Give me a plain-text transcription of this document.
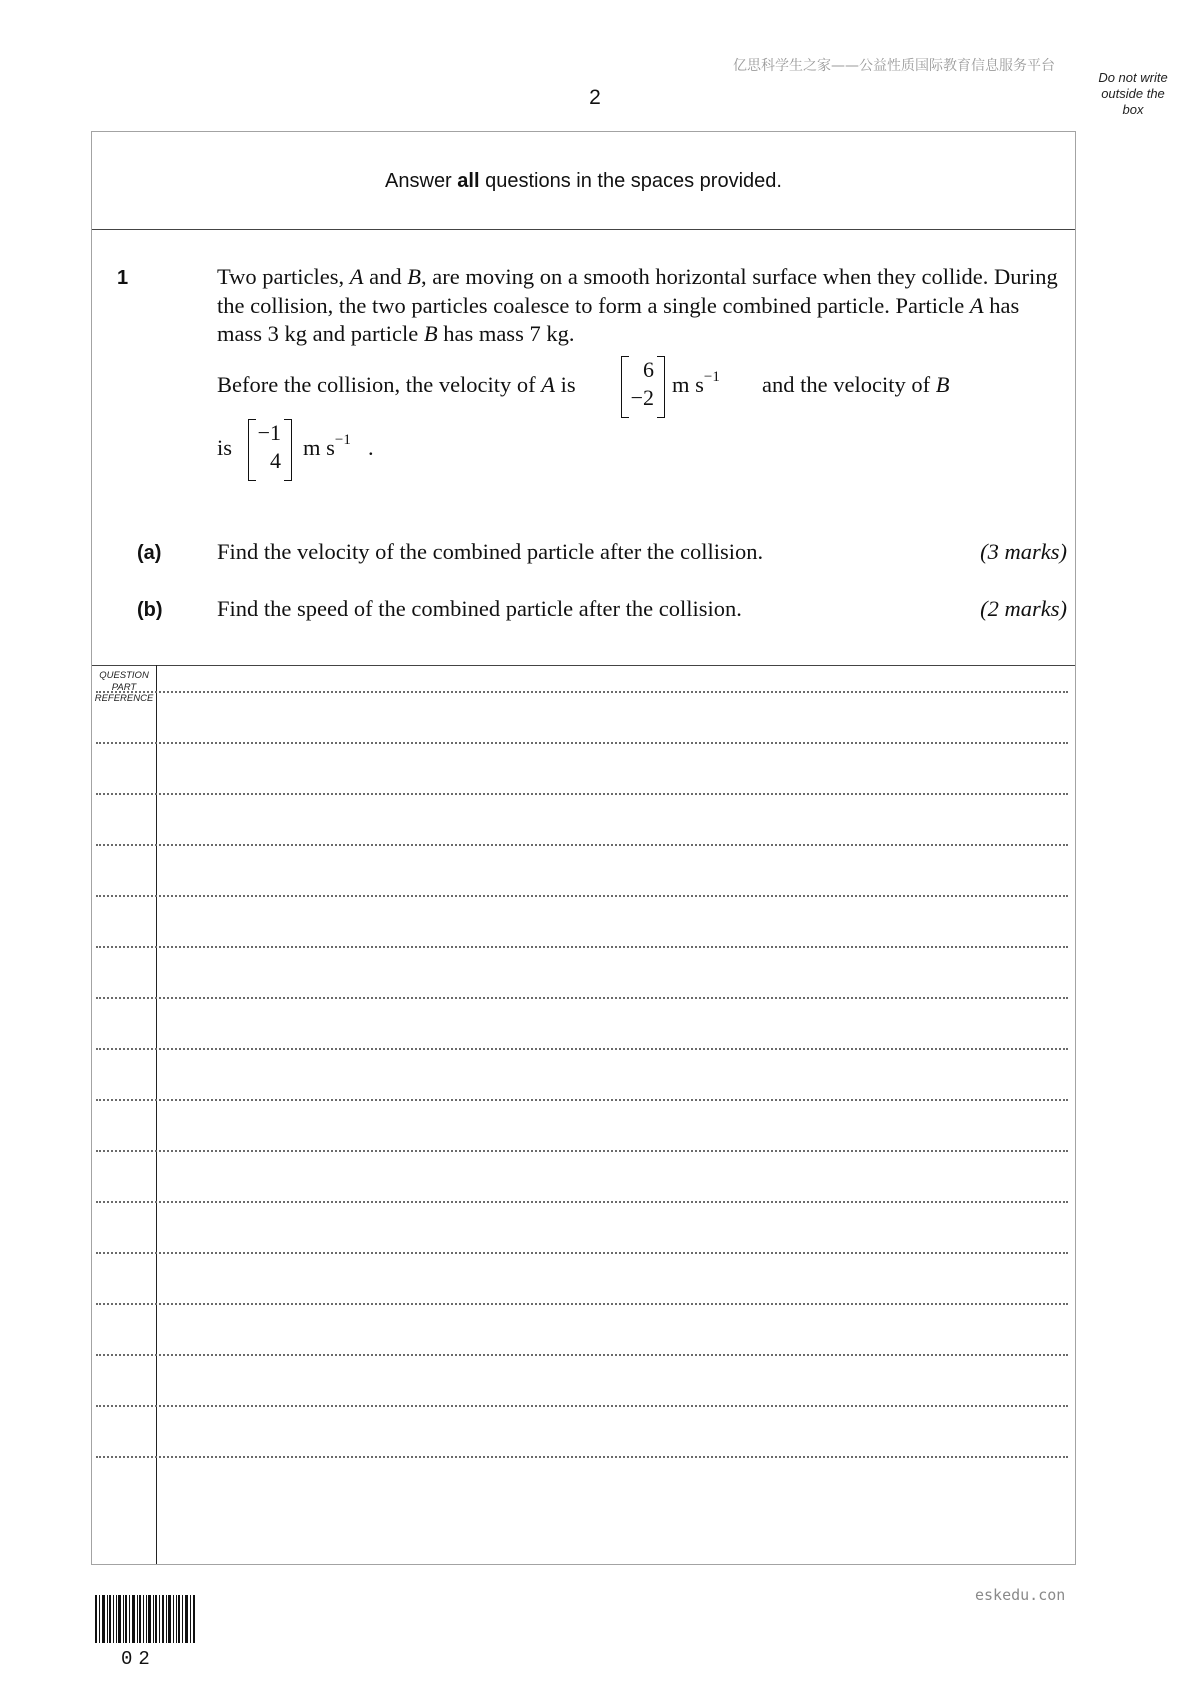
亿思科学生之家——公益性质国际教育信息服务平台
Do not write outside the box
2
Answer all questions in the spaces provided.
1	Two particles, A and B, are moving on a smooth horizontal surface when they collide. During the collision, the two particles coalesce to form a single combined particle. Particle A has mass 3 kg and particle B has mass 7 kg.
Before the collision, the velocity of A is
6
−2
m $s^{-1}$ and the velocity of B
is
−1
4
m $s^{-1}$ .
(a) Find the velocity of the combined particle after the collision.	(3 marks)
(b) Find the speed of the combined particle after the collision.	(2 marks)
QUESTION PART REFERENCE
02
eskedu.con
